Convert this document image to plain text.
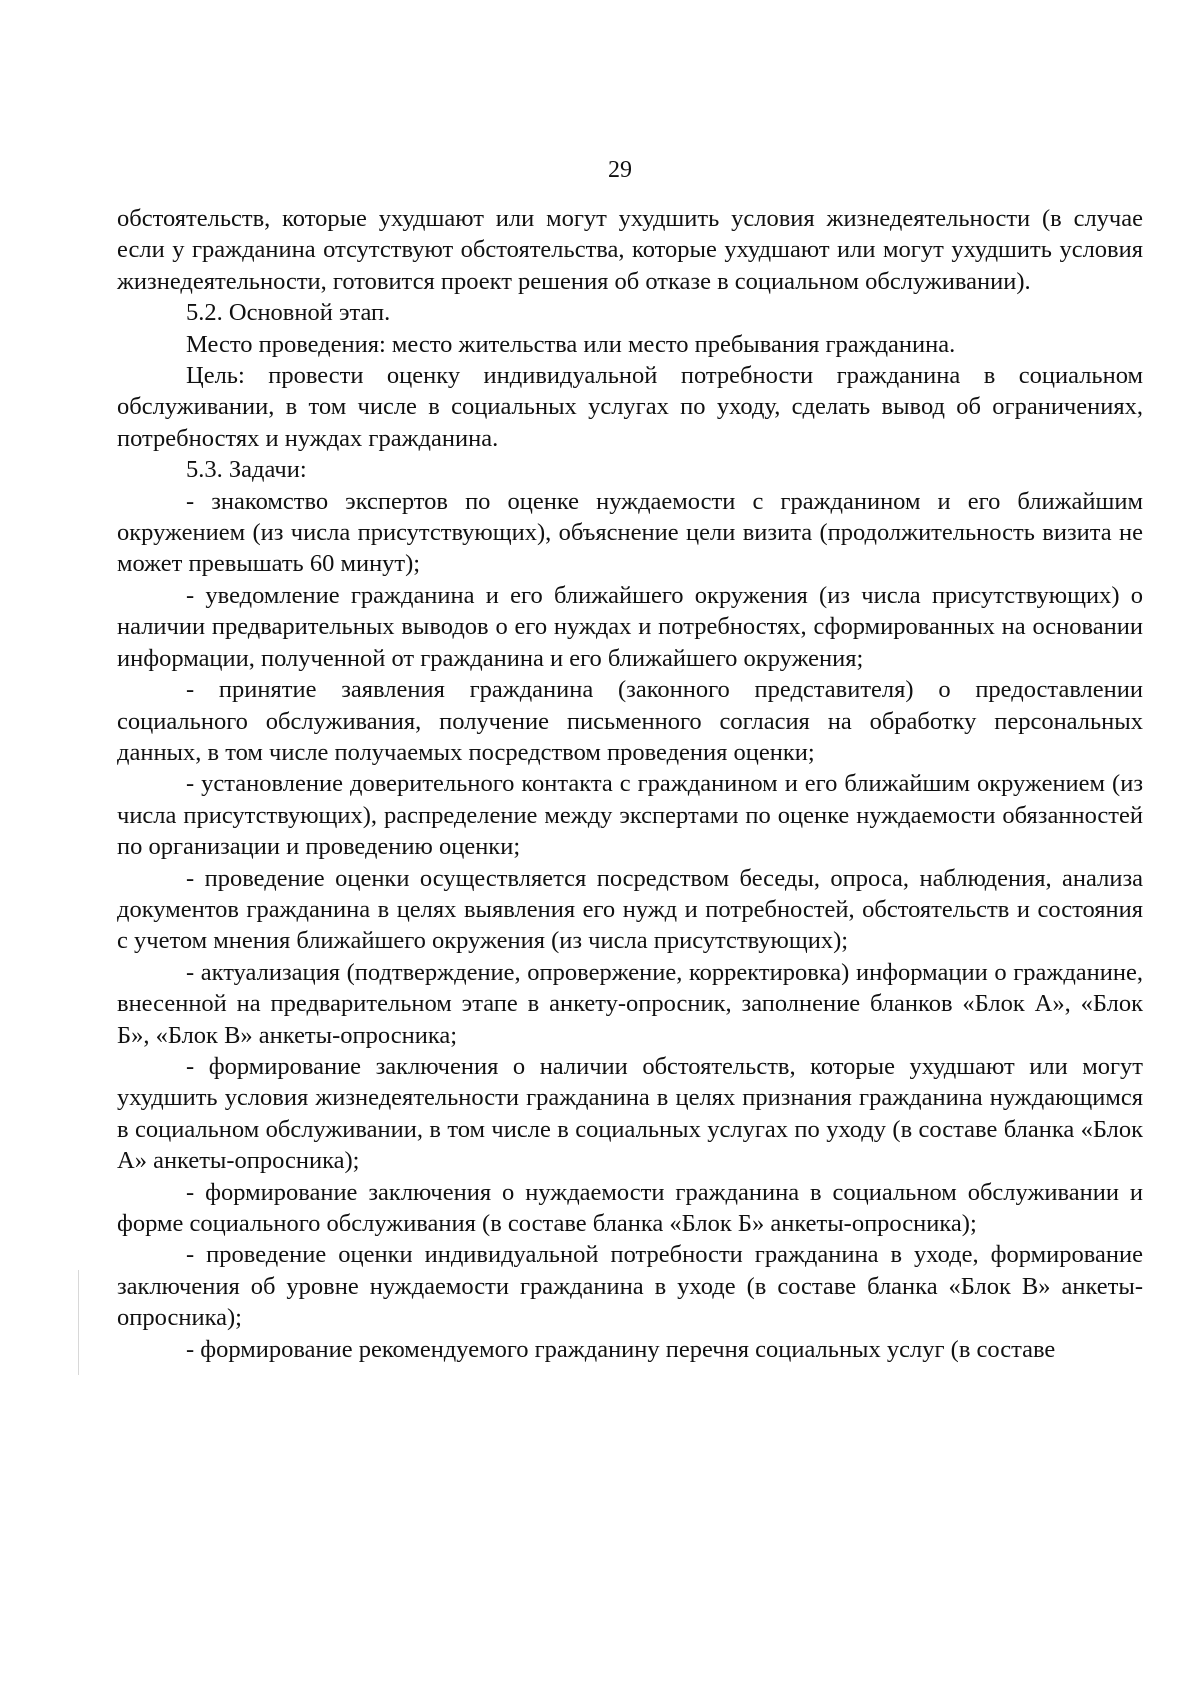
29

обстоятельств, которые ухудшают или могут ухудшить условия жизнедеятельности (в случае если у гражданина отсутствуют обстоятельства, которые ухудшают или могут ухудшить условия жизнедеятельности, готовится проект решения об отказе в социальном обслуживании).

5.2. Основной этап.

Место проведения: место жительства или место пребывания гражданина.

Цель: провести оценку индивидуальной потребности гражданина в социальном обслуживании, в том числе в социальных услугах по уходу, сделать вывод об ограничениях, потребностях и нуждах гражданина.

5.3. Задачи:

- знакомство экспертов по оценке нуждаемости с гражданином и его ближайшим окружением (из числа присутствующих), объяснение цели визита (продолжительность визита не может превышать 60 минут);

- уведомление гражданина и его ближайшего окружения (из числа присутствующих) о наличии предварительных выводов о его нуждах и потребностях, сформированных на основании информации, полученной от гражданина и его ближайшего окружения;

- принятие заявления гражданина (законного представителя) о предоставлении социального обслуживания, получение письменного согласия на обработку персональных данных, в том числе получаемых посредством проведения оценки;

- установление доверительного контакта с гражданином и его ближайшим окружением (из числа присутствующих), распределение между экспертами по оценке нуждаемости обязанностей по организации и проведению оценки;

- проведение оценки осуществляется посредством беседы, опроса, наблюдения, анализа документов гражданина в целях выявления его нужд и потребностей, обстоятельств и состояния с учетом мнения ближайшего окружения (из числа присутствующих);

- актуализация (подтверждение, опровержение, корректировка) информации о гражданине, внесенной на предварительном этапе в анкету-опросник, заполнение бланков «Блок А», «Блок Б», «Блок В» анкеты-опросника;

- формирование заключения о наличии обстоятельств, которые ухудшают или могут ухудшить условия жизнедеятельности гражданина в целях признания гражданина нуждающимся в социальном обслуживании, в том числе в социальных услугах по уходу (в составе бланка «Блок А» анкеты-опросника);

- формирование заключения о нуждаемости гражданина в социальном обслуживании и форме социального обслуживания (в составе бланка «Блок Б» анкеты-опросника);

- проведение оценки индивидуальной потребности гражданина в уходе, формирование заключения об уровне нуждаемости гражданина в уходе (в составе бланка «Блок В» анкеты-опросника);

- формирование рекомендуемого гражданину перечня социальных услуг (в составе
